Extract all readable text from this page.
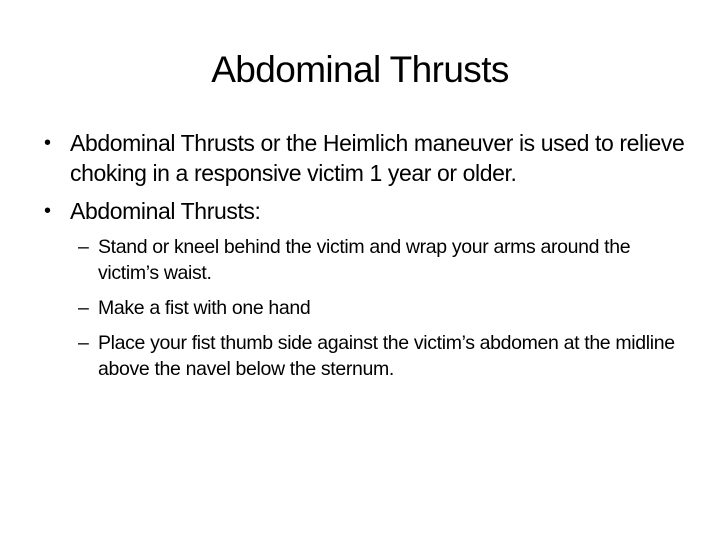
Abdominal Thrusts
• Abdominal Thrusts or the Heimlich maneuver is used to relieve choking in a responsive victim 1 year or older.
• Abdominal Thrusts:
– Stand or kneel behind the victim and wrap your arms around the victim’s waist.
– Make a fist with one hand
– Place your fist thumb side against the victim’s abdomen at the midline above the navel below the sternum.
